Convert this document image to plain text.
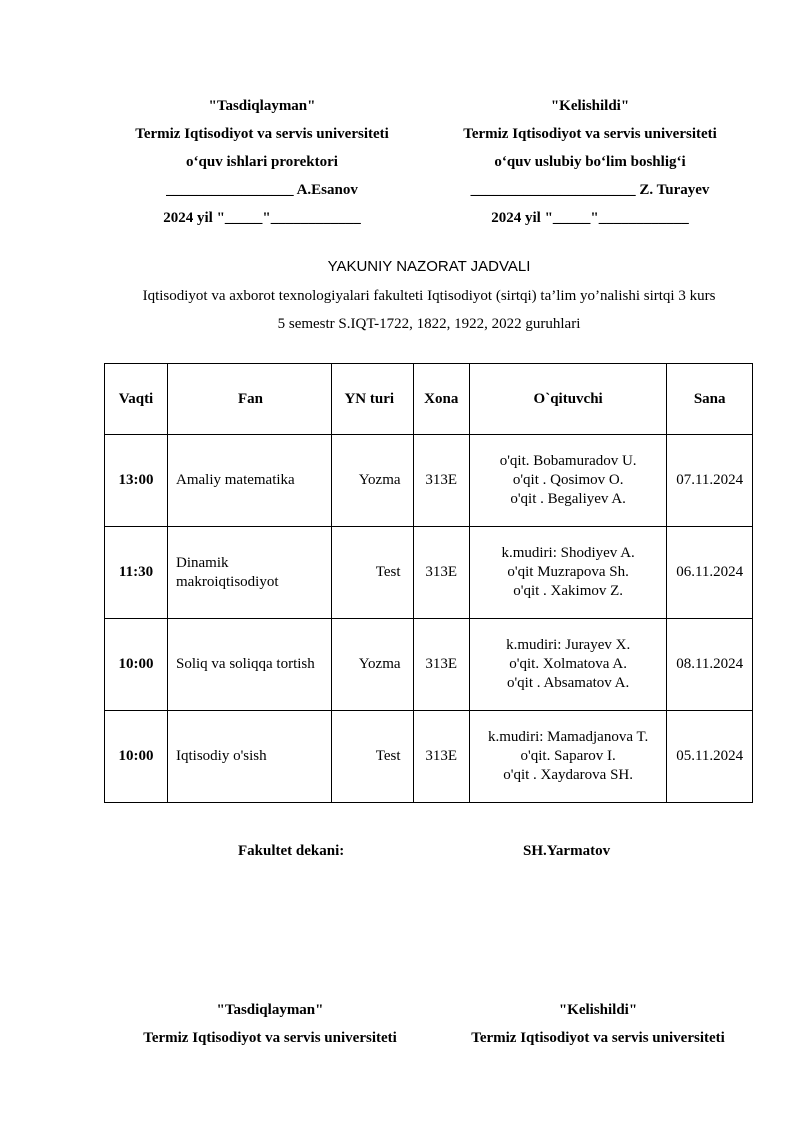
"Tasdiqlayman"
Termiz Iqtisodiyot va servis universiteti
o‘quv ishlari prorektori
_________________ A.Esanov
2024 yil "_____"____________
"Kelishildi"
Termiz Iqtisodiyot va servis universiteti
o‘quv uslubiy bo‘lim boshlig‘i
______________________ Z. Turayev
2024 yil "_____"____________
YAKUNIY NAZORAT JADVALI
Iqtisodiyot va axborot texnologiyalari fakulteti Iqtisodiyot (sirtqi) ta’lim yo’nalishi sirtqi 3 kurs
5 semestr S.IQT-1722, 1822, 1922, 2022 guruhlari
Vaqti	Fan	YN turi	Xona	O`qituvchi	Sana
13:00	Amaliy matematika	Yozma	313E	o'qit. Bobamuradov U.
o'qit . Qosimov O.
o'qit . Begaliyev A.	07.11.2024
11:30	Dinamik makroiqtisodiyot	Test	313E	k.mudiri: Shodiyev A.
o'qit Muzrapova Sh.
o'qit . Xakimov Z.	06.11.2024
10:00	Soliq va soliqqa tortish	Yozma	313E	k.mudiri: Jurayev X.
o'qit. Xolmatova A.
o'qit . Absamatov A.	08.11.2024
10:00	Iqtisodiy o'sish	Test	313E	k.mudiri: Mamadjanova T.
o'qit. Saparov I.
o'qit . Xaydarova SH.	05.11.2024
Fakultet dekani:	SH.Yarmatov
"Tasdiqlayman"
Termiz Iqtisodiyot va servis universiteti
"Kelishildi"
Termiz Iqtisodiyot va servis universiteti
